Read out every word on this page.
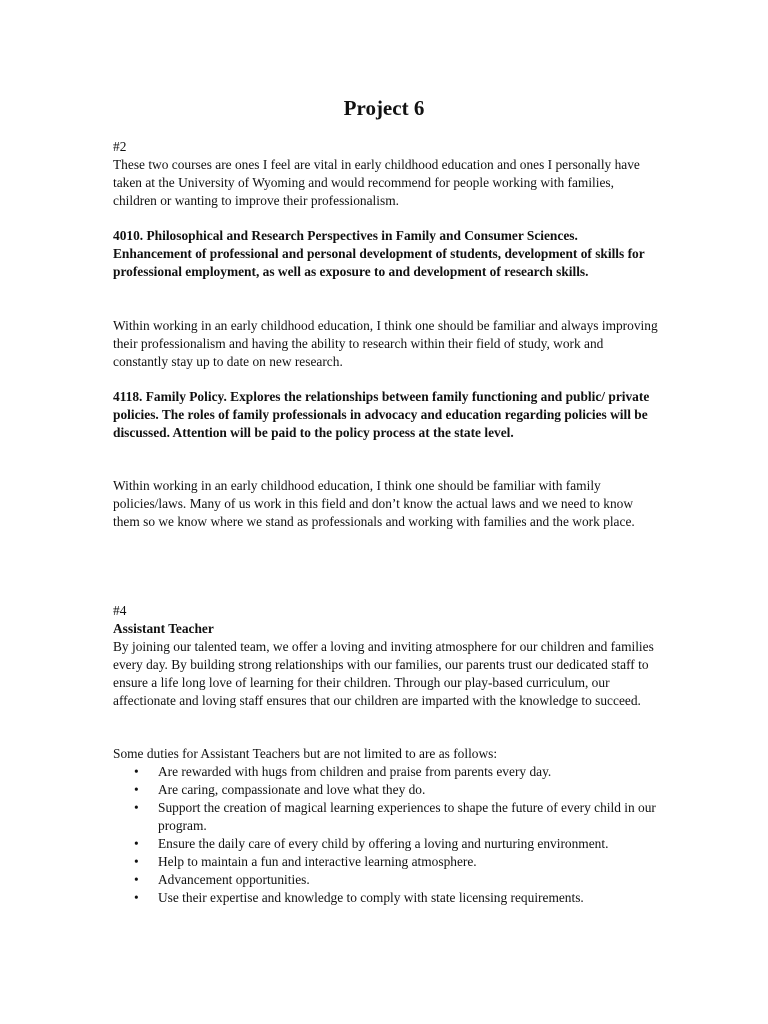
Project 6

#2

These two courses are ones I feel are vital in early childhood education and ones I personally have taken at the University of Wyoming and would recommend for people working with families, children or wanting to improve their professionalism.

4010. Philosophical and Research Perspectives in Family and Consumer Sciences. Enhancement of professional and personal development of students, development of skills for professional employment, as well as exposure to and development of research skills.

Within working in an early childhood education, I think one should be familiar and always improving their professionalism and having the ability to research within their field of study, work and constantly stay up to date on new research.

4118. Family Policy. Explores the relationships between family functioning and public/ private policies. The roles of family professionals in advocacy and education regarding policies will be discussed. Attention will be paid to the policy process at the state level.

Within working in an early childhood education, I think one should be familiar with family policies/laws. Many of us work in this field and don’t know the actual laws and we need to know them so we know where we stand as professionals and working with families and the work place.

#4

Assistant Teacher

By joining our talented team, we offer a loving and inviting atmosphere for our children and families every day. By building strong relationships with our families, our parents trust our dedicated staff to ensure a life long love of learning for their children. Through our play-based curriculum, our affectionate and loving staff ensures that our children are imparted with the knowledge to succeed.

Some duties for Assistant Teachers but are not limited to are as follows:

• Are rewarded with hugs from children and praise from parents every day.
• Are caring, compassionate and love what they do.
• Support the creation of magical learning experiences to shape the future of every child in our program.
• Ensure the daily care of every child by offering a loving and nurturing environment.
• Help to maintain a fun and interactive learning atmosphere.
• Advancement opportunities.
• Use their expertise and knowledge to comply with state licensing requirements.
